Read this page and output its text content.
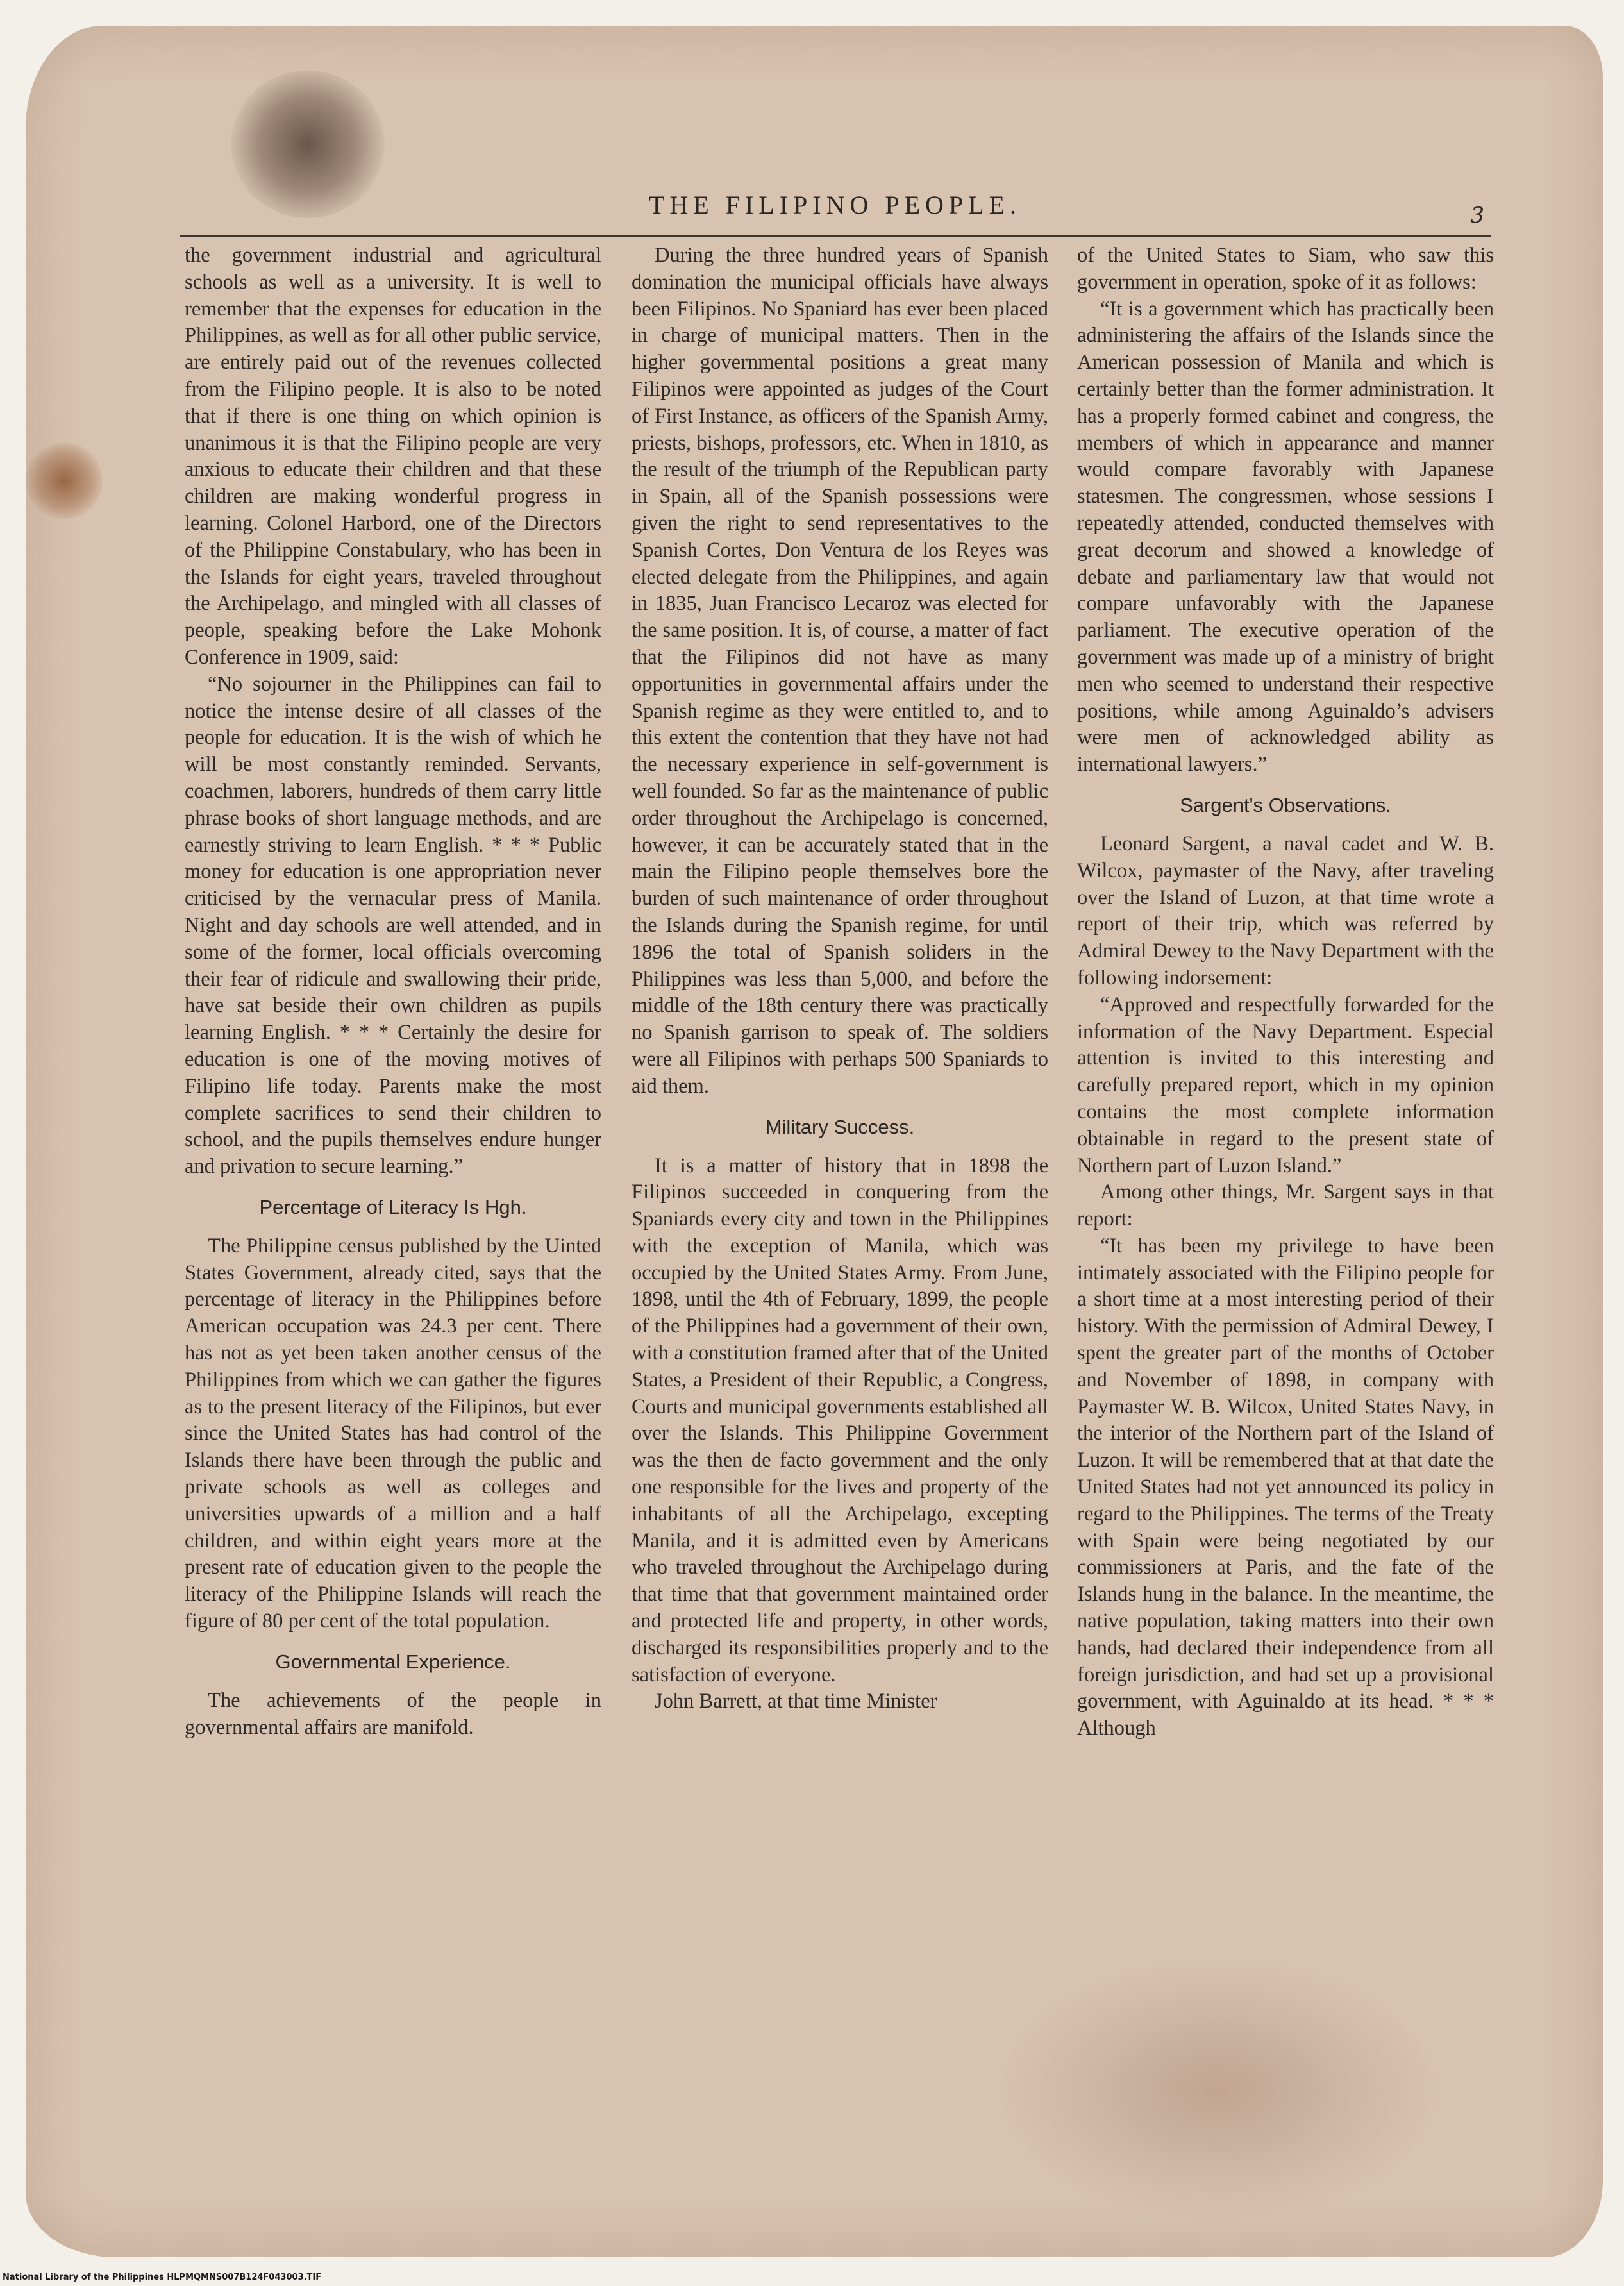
THE FILIPINO PEOPLE.	3

the government industrial and agricultural schools as well as a university. It is well to remember that the expenses for education in the Philippines, as well as for all other public service, are entirely paid out of the revenues collected from the Filipino people. It is also to be noted that if there is one thing on which opinion is unanimous it is that the Filipino people are very anxious to educate their children and that these children are making wonderful progress in learning. Colonel Harbord, one of the Directors of the Philippine Constabulary, who has been in the Islands for eight years, traveled throughout the Archipelago, and mingled with all classes of people, speaking before the Lake Mohonk Conference in 1909, said:

“No sojourner in the Philippines can fail to notice the intense desire of all classes of the people for education. It is the wish of which he will be most constantly reminded. Servants, coachmen, laborers, hundreds of them carry little phrase books of short language methods, and are earnestly striving to learn English. * * * Public money for education is one appropriation never criticised by the vernacular press of Manila. Night and day schools are well attended, and in some of the former, local officials overcoming their fear of ridicule and swallowing their pride, have sat beside their own children as pupils learning English. * * * Certainly the desire for education is one of the moving motives of Filipino life today. Parents make the most complete sacrifices to send their children to school, and the pupils themselves endure hunger and privation to secure learning.”

Percentage of Literacy Is Hgh.

The Philippine census published by the Uinted States Government, already cited, says that the percentage of literacy in the Philippines before American occupation was 24.3 per cent. There has not as yet been taken another census of the Philippines from which we can gather the figures as to the present literacy of the Filipinos, but ever since the United States has had control of the Islands there have been through the public and private schools as well as colleges and universities upwards of a million and a half children, and within eight years more at the present rate of education given to the people the literacy of the Philippine Islands will reach the figure of 80 per cent of the total population.

Governmental Experience.

The achievements of the people in governmental affairs are manifold.

During the three hundred years of Spanish domination the municipal officials have always been Filipinos. No Spaniard has ever been placed in charge of municipal matters. Then in the higher governmental positions a great many Filipinos were appointed as judges of the Court of First Instance, as officers of the Spanish Army, priests, bishops, professors, etc. When in 1810, as the result of the triumph of the Republican party in Spain, all of the Spanish possessions were given the right to send representatives to the Spanish Cortes, Don Ventura de los Reyes was elected delegate from the Philippines, and again in 1835, Juan Francisco Lecaroz was elected for the same position. It is, of course, a matter of fact that the Filipinos did not have as many opportunities in governmental affairs under the Spanish regime as they were entitled to, and to this extent the contention that they have not had the necessary experience in self-government is well founded. So far as the maintenance of public order throughout the Archipelago is concerned, however, it can be accurately stated that in the main the Filipino people themselves bore the burden of such maintenance of order throughout the Islands during the Spanish regime, for until 1896 the total of Spanish soliders in the Philippines was less than 5,000, and before the middle of the 18th century there was practically no Spanish garrison to speak of. The soldiers were all Filipinos with perhaps 500 Spaniards to aid them.

Military Success.

It is a matter of history that in 1898 the Filipinos succeeded in conquering from the Spaniards every city and town in the Philippines with the exception of Manila, which was occupied by the United States Army. From June, 1898, until the 4th of February, 1899, the people of the Philippines had a government of their own, with a constitution framed after that of the United States, a President of their Republic, a Congress, Courts and municipal governments established all over the Islands. This Philippine Government was the then de facto government and the only one responsible for the lives and property of the inhabitants of all the Archipelago, excepting Manila, and it is admitted even by Americans who traveled throughout the Archipelago during that time that that government maintained order and protected life and property, in other words, discharged its responsibilities properly and to the satisfaction of everyone.

John Barrett, at that time Minister

of the United States to Siam, who saw this government in operation, spoke of it as follows:

“It is a government which has practically been administering the affairs of the Islands since the American possession of Manila and which is certainly better than the former administration. It has a properly formed cabinet and congress, the members of which in appearance and manner would compare favorably with Japanese statesmen. The congressmen, whose sessions I repeatedly attended, conducted themselves with great decorum and showed a knowledge of debate and parliamentary law that would not compare unfavorably with the Japanese parliament. The executive operation of the government was made up of a ministry of bright men who seemed to understand their respective positions, while among Aguinaldo’s advisers were men of acknowledged ability as international lawyers.”

Sargent's Observations.

Leonard Sargent, a naval cadet and W. B. Wilcox, paymaster of the Navy, after traveling over the Island of Luzon, at that time wrote a report of their trip, which was referred by Admiral Dewey to the Navy Department with the following indorsement:

“Approved and respectfully forwarded for the information of the Navy Department. Especial attention is invited to this interesting and carefully prepared report, which in my opinion contains the most complete information obtainable in regard to the present state of Northern part of Luzon Island.”

Among other things, Mr. Sargent says in that report:

“It has been my privilege to have been intimately associated with the Filipino people for a short time at a most interesting period of their history. With the permission of Admiral Dewey, I spent the greater part of the months of October and November of 1898, in company with Paymaster W. B. Wilcox, United States Navy, in the interior of the Northern part of the Island of Luzon. It will be remembered that at that date the United States had not yet announced its policy in regard to the Philippines. The terms of the Treaty with Spain were being negotiated by our commissioners at Paris, and the fate of the Islands hung in the balance. In the meantime, the native population, taking matters into their own hands, had declared their independence from all foreign jurisdiction, and had set up a provisional government, with Aguinaldo at its head. * * * Although

National Library of the Philippines HLPMQMNS007B124F043003.TIF
